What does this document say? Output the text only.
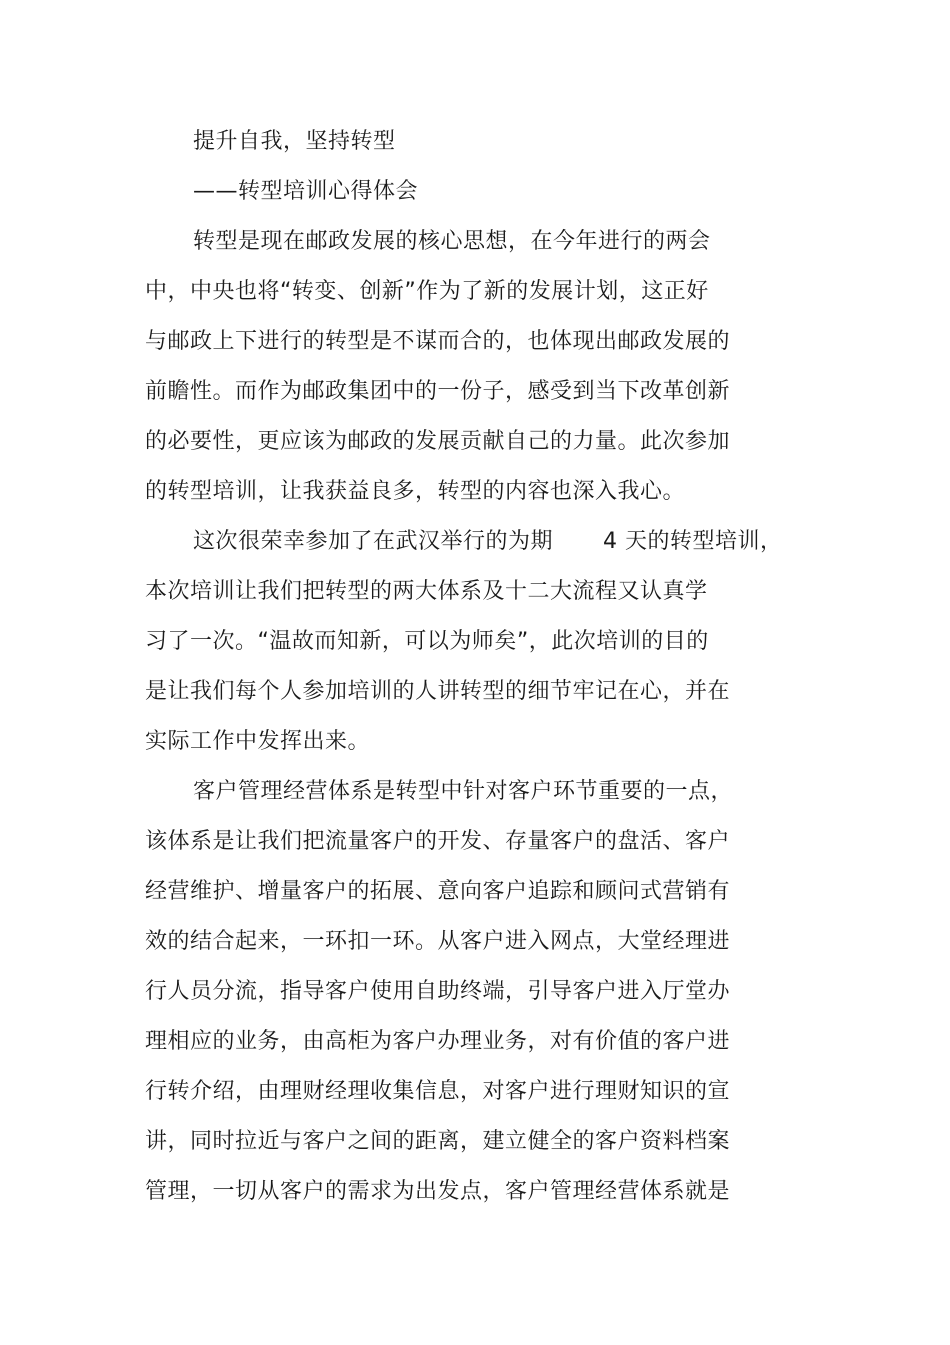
提升自我，坚持转型
——转型培训心得体会
转型是现在邮政发展的核心思想，在今年进行的两会
中，中央也将“转变、创新”作为了新的发展计划，这正好
与邮政上下进行的转型是不谋而合的，也体现出邮政发展的
前瞻性。而作为邮政集团中的一份子，感受到当下改革创新
的必要性，更应该为邮政的发展贡献自己的力量。此次参加
的转型培训，让我获益良多，转型的内容也深入我心。
这次很荣幸参加了在武汉举行的为期 4 天的转型培训，
本次培训让我们把转型的两大体系及十二大流程又认真学
习了一次。“温故而知新，可以为师矣”，此次培训的目的
是让我们每个人参加培训的人讲转型的细节牢记在心，并在
实际工作中发挥出来。
客户管理经营体系是转型中针对客户环节重要的一点，
该体系是让我们把流量客户的开发、存量客户的盘活、客户
经营维护、增量客户的拓展、意向客户追踪和顾问式营销有
效的结合起来，一环扣一环。从客户进入网点，大堂经理进
行人员分流，指导客户使用自助终端，引导客户进入厅堂办
理相应的业务，由高柜为客户办理业务，对有价值的客户进
行转介绍，由理财经理收集信息，对客户进行理财知识的宣
讲，同时拉近与客户之间的距离，建立健全的客户资料档案
管理，一切从客户的需求为出发点，客户管理经营体系就是
